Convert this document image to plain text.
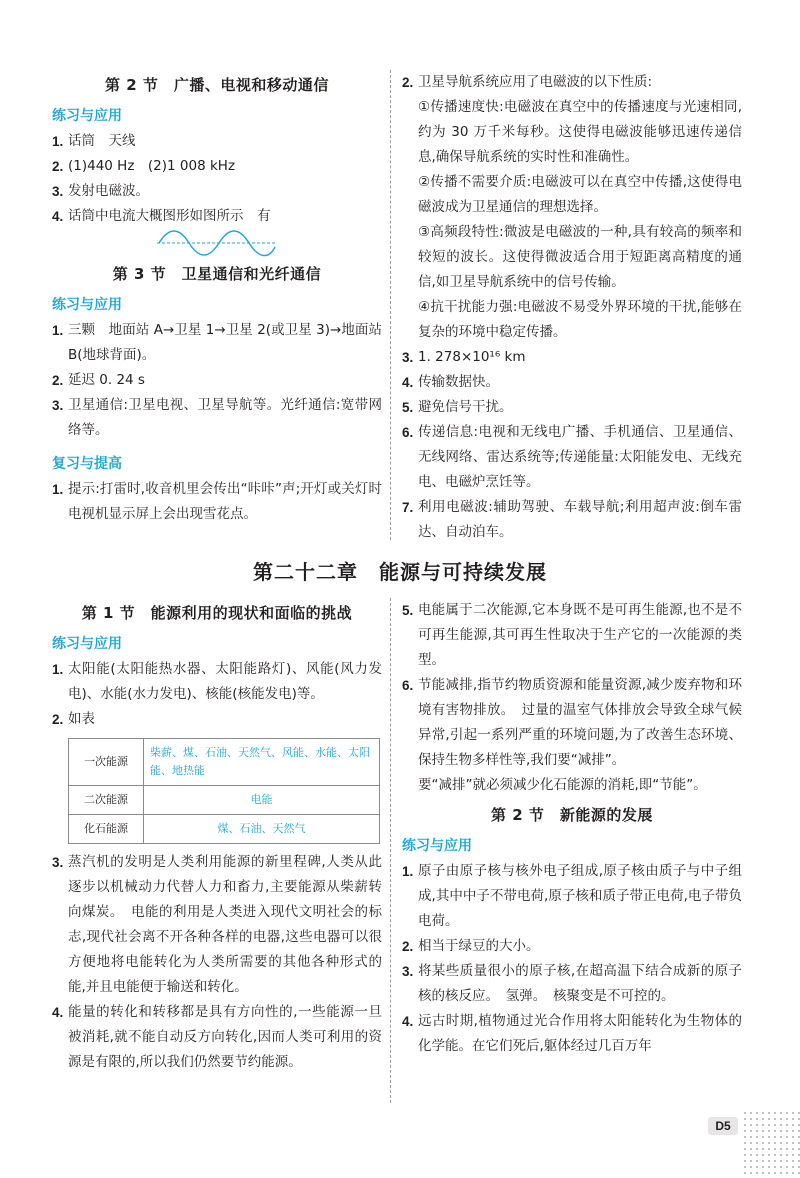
第 2 节　广播、电视和移动通信
练习与应用
1. 话筒　天线
2. (1)440 Hz　(2)1 008 kHz
3. 发射电磁波。
4. 话筒中电流大概图形如图所示　有
第 3 节　卫星通信和光纤通信
练习与应用
1. 三颗　地面站 A→卫星 1→卫星 2(或卫星 3)→地面站 B(地球背面)。
2. 延迟 0. 24 s
3. 卫星通信:卫星电视、卫星导航等。光纤通信:宽带网络等。
复习与提高
1. 提示:打雷时,收音机里会传出“咔咔”声;开灯或关灯时电视机显示屏上会出现雪花点。
2. 卫星导航系统应用了电磁波的以下性质:
①传播速度快:电磁波在真空中的传播速度与光速相同,约为 30 万千米每秒。这使得电磁波能够迅速传递信息,确保导航系统的实时性和准确性。
②传播不需要介质:电磁波可以在真空中传播,这使得电磁波成为卫星通信的理想选择。
③高频段特性:微波是电磁波的一种,具有较高的频率和较短的波长。这使得微波适合用于短距离高精度的通信,如卫星导航系统中的信号传输。
④抗干扰能力强:电磁波不易受外界环境的干扰,能够在复杂的环境中稳定传播。
3. 1. 278×10¹⁶ km
4. 传输数据快。
5. 避免信号干扰。
6. 传递信息:电视和无线电广播、手机通信、卫星通信、无线网络、雷达系统等;传递能量:太阳能发电、无线充电、电磁炉烹饪等。
7. 利用电磁波:辅助驾驶、车载导航;利用超声波:倒车雷达、自动泊车。
第二十二章　能源与可持续发展
第 1 节　能源利用的现状和面临的挑战
练习与应用
1. 太阳能(太阳能热水器、太阳能路灯)、风能(风力发电)、水能(水力发电)、核能(核能发电)等。
2. 如表
一次能源	柴薪、煤、石油、天然气、风能、水能、太阳能、地热能
二次能源	电能
化石能源	煤、石油、天然气
3. 蒸汽机的发明是人类利用能源的新里程碑,人类从此逐步以机械动力代替人力和畜力,主要能源从柴薪转向煤炭。　电能的利用是人类进入现代文明社会的标志,现代社会离不开各种各样的电器,这些电器可以很方便地将电能转化为人类所需要的其他各种形式的能,并且电能便于输送和转化。
4. 能量的转化和转移都是具有方向性的,一些能源一旦被消耗,就不能自动反方向转化,因而人类可利用的资源是有限的,所以我们仍然要节约能源。
5. 电能属于二次能源,它本身既不是可再生能源,也不是不可再生能源,其可再生性取决于生产它的一次能源的类型。
6. 节能减排,指节约物质资源和能量资源,减少废弃物和环境有害物排放。　过量的温室气体排放会导致全球气候异常,引起一系列严重的环境问题,为了改善生态环境、保持生物多样性等,我们要“减排”。
要“减排”就必须减少化石能源的消耗,即“节能”。
第 2 节　新能源的发展
练习与应用
1. 原子由原子核与核外电子组成,原子核由质子与中子组成,其中中子不带电荷,原子核和质子带正电荷,电子带负电荷。
2. 相当于绿豆的大小。
3. 将某些质量很小的原子核,在超高温下结合成新的原子核的核反应。　氢弹。　核聚变是不可控的。
4. 远古时期,植物通过光合作用将太阳能转化为生物体的化学能。在它们死后,躯体经过几百万年
D5
